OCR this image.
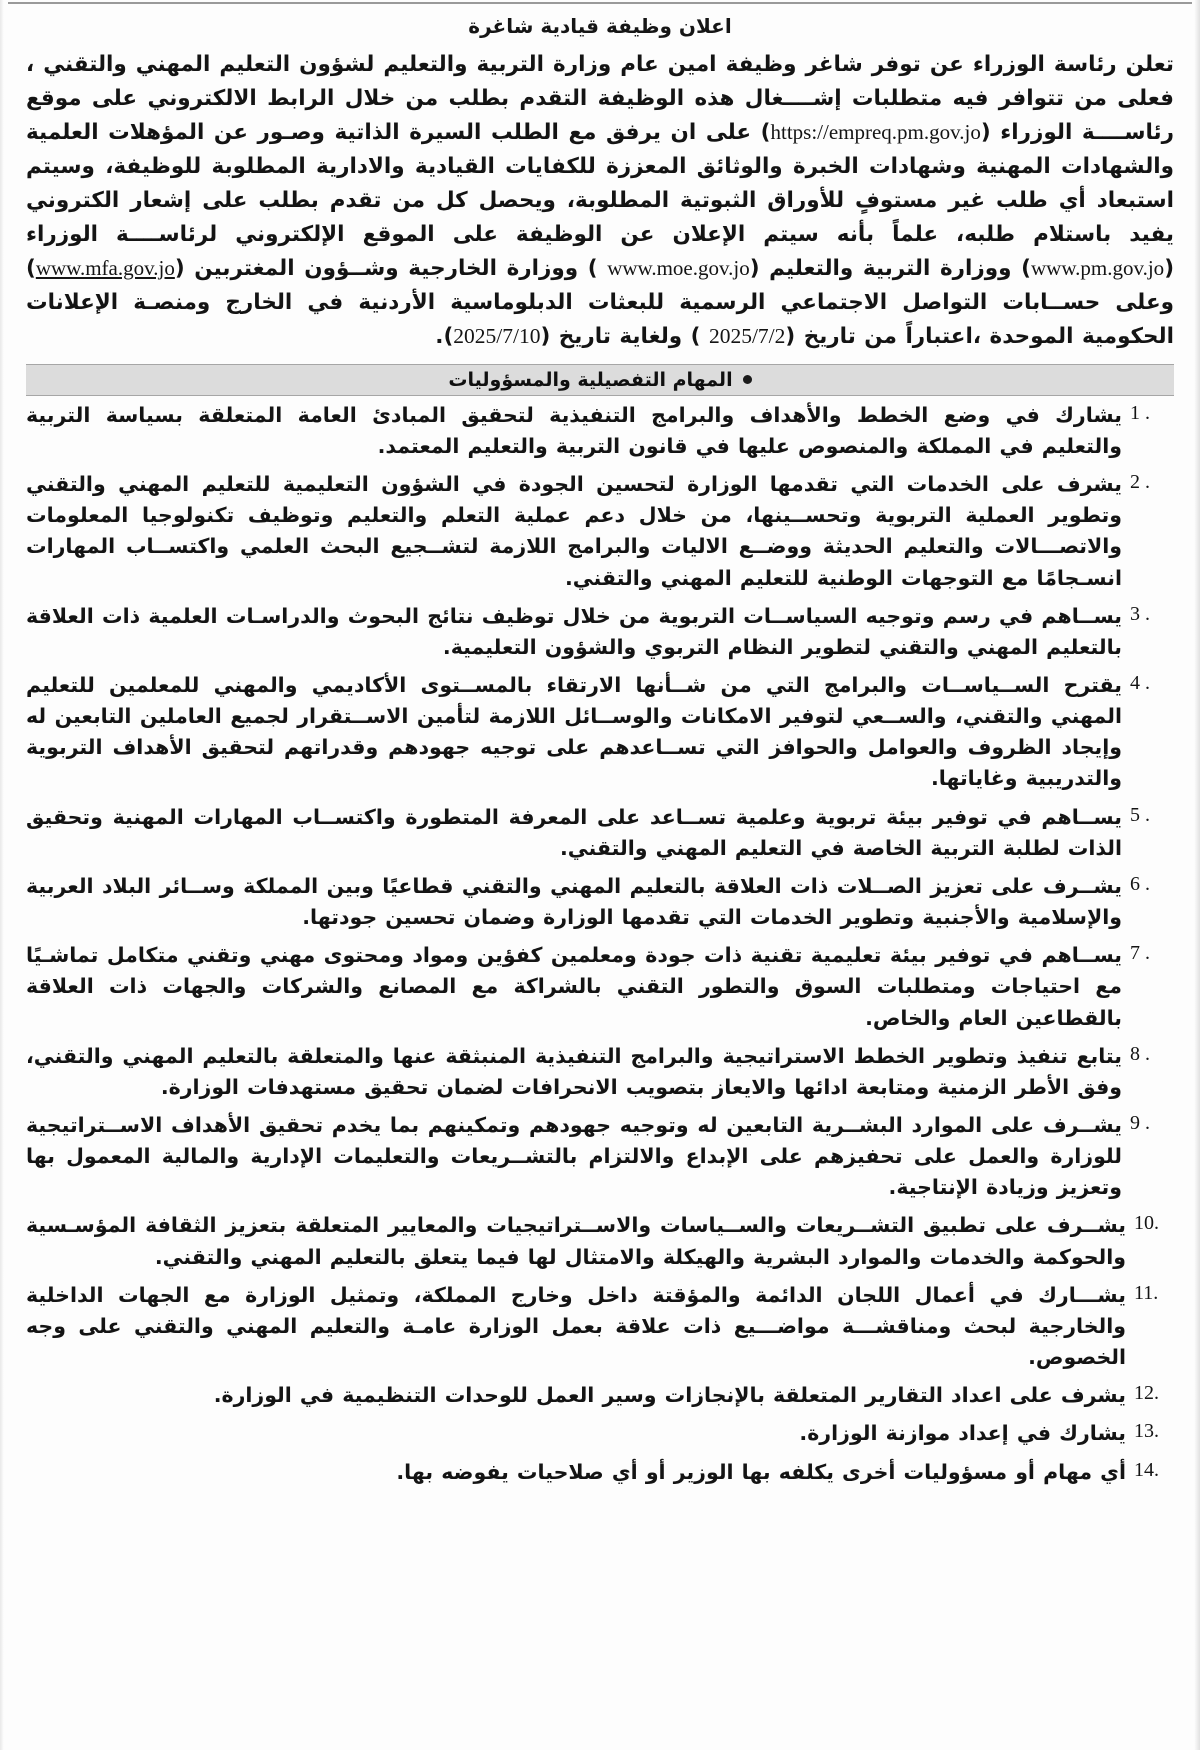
اعلان وظيفة قيادية شاغرة

تعلن رئاسة الوزراء عن توفر شاغر وظيفة امين عام وزارة التربية والتعليم لشؤون التعليم المهني والتقني ، فعلى من تتوافر فيه متطلبات إشــــغال هذه الوظيفة التقدم بطلب من خلال الرابط الالكتروني على موقع رئاســــة الوزراء (https://empreq.pm.gov.jo) على ان يرفق مع الطلب السيرة الذاتية وصـور عن المؤهلات العلمية والشهادات المهنية وشهادات الخبرة والوثائق المعززة للكفايات القيادية والادارية المطلوبة للوظيفة، وسيتم استبعاد أي طلب غير مستوفٍ للأوراق الثبوتية المطلوبة، ويحصل كل من تقدم بطلب على إشعار الكتروني يفيد باستلام طلبه، علماً بأنه سيتم الإعلان عن الوظيفة على الموقع الإلكتروني لرئاســــة الوزراء (www.pm.gov.jo) ووزارة التربية والتعليم (www.moe.gov.jo ) ووزارة الخارجية وشــؤون المغتربين (www.mfa.gov.jo) وعلى حســابات التواصل الاجتماعي الرسمية للبعثات الدبلوماسية الأردنية في الخارج ومنصـة الإعلانات الحكومية الموحدة ،اعتباراً من تاريخ (2025/7/2 ) ولغاية تاريخ (2025/7/10).

المهام التفصيلية والمسؤوليات
1 .
يشارك في وضع الخطط والأهداف والبرامج التنفيذية لتحقيق المبادئ العامة المتعلقة بسياسة التربية والتعليم في المملكة والمنصوص عليها في قانون التربية والتعليم المعتمد.
2 .
يشرف على الخدمات التي تقدمها الوزارة لتحسين الجودة في الشؤون التعليمية للتعليم المهني والتقني وتطوير العملية التربوية وتحســينها، من خلال دعم عملية التعلم والتعليم وتوظيف تكنولوجيا المعلومات والاتصـــالات والتعليم الحديثة ووضــع الاليات والبرامج اللازمة لتشــجيع البحث العلمي واكتســاب المهارات انسـجامًا مع التوجهات الوطنية للتعليم المهني والتقني.
3 .
يســاهم في رسم وتوجيه السياســات التربوية من خلال توظيف نتائج البحوث والدراسـات العلمية ذات العلاقة بالتعليم المهني والتقني لتطوير النظام التربوي والشؤون التعليمية.
4 .
يقترح الســياســات والبرامج التي من شــأنها الارتقاء بالمســتوى الأكاديمي والمهني للمعلمين للتعليم المهني والتقني، والســعي لتوفير الامكانات والوســائل اللازمة لتأمين الاســتقرار لجميع العاملين التابعين له وإيجاد الظروف والعوامل والحوافز التي تســاعدهم على توجيه جهودهم وقدراتهم لتحقيق الأهداف التربوية والتدريبية وغاياتها.
5 .
يســاهم في توفير بيئة تربوية وعلمية تســاعد على المعرفة المتطورة واكتســاب المهارات المهنية وتحقيق الذات لطلبة التربية الخاصة في التعليم المهني والتقني.
6 .
يشــرف على تعزيز الصــلات ذات العلاقة بالتعليم المهني والتقني قطاعيًا وبين المملكة وســائر البلاد العربية والإسلامية والأجنبية وتطوير الخدمات التي تقدمها الوزارة وضمان تحسين جودتها.
7 .
يســاهم في توفير بيئة تعليمية تقنية ذات جودة ومعلمين كفؤين ومواد ومحتوى مهني وتقني متكامل تماشـيًا مع احتياجات ومتطلبات السوق والتطور التقني بالشراكة مع المصانع والشركات والجهات ذات العلاقة بالقطاعين العام والخاص.
8 .
يتابع تنفيذ وتطوير الخطط الاستراتيجية والبرامج التنفيذية المنبثقة عنها والمتعلقة بالتعليم المهني والتقني، وفق الأطر الزمنية ومتابعة ادائها والايعاز بتصويب الانحرافات لضمان تحقيق مستهدفات الوزارة.
9 .
يشــرف على الموارد البشــرية التابعين له وتوجيه جهودهم وتمكينهم بما يخدم تحقيق الأهداف الاســتراتيجية للوزارة والعمل على تحفيزهم على الإبداع والالتزام بالتشــريعات والتعليمات الإدارية والمالية المعمول بها وتعزيز وزيادة الإنتاجية.
10.
يشــرف على تطبيق التشــريعات والســياسات والاســتراتيجيات والمعايير المتعلقة بتعزيز الثقافة المؤسـسية والحوكمة والخدمات والموارد البشرية والهيكلة والامتثال لها فيما يتعلق بالتعليم المهني والتقني.
11.
يشـــارك في أعمال اللجان الدائمة والمؤقتة داخل وخارج المملكة، وتمثيل الوزارة مع الجهات الداخلية والخارجية لبحث ومناقشـــة مواضـــيع ذات علاقة بعمل الوزارة عامـة والتعليم المهني والتقني على وجه الخصوص.
12.
يشرف على اعداد التقارير المتعلقة بالإنجازات وسير العمل للوحدات التنظيمية في الوزارة.
13.
يشارك في إعداد موازنة الوزارة.
14.
أي مهام أو مسؤوليات أخرى يكلفه بها الوزير أو أي صلاحيات يفوضه بها.
